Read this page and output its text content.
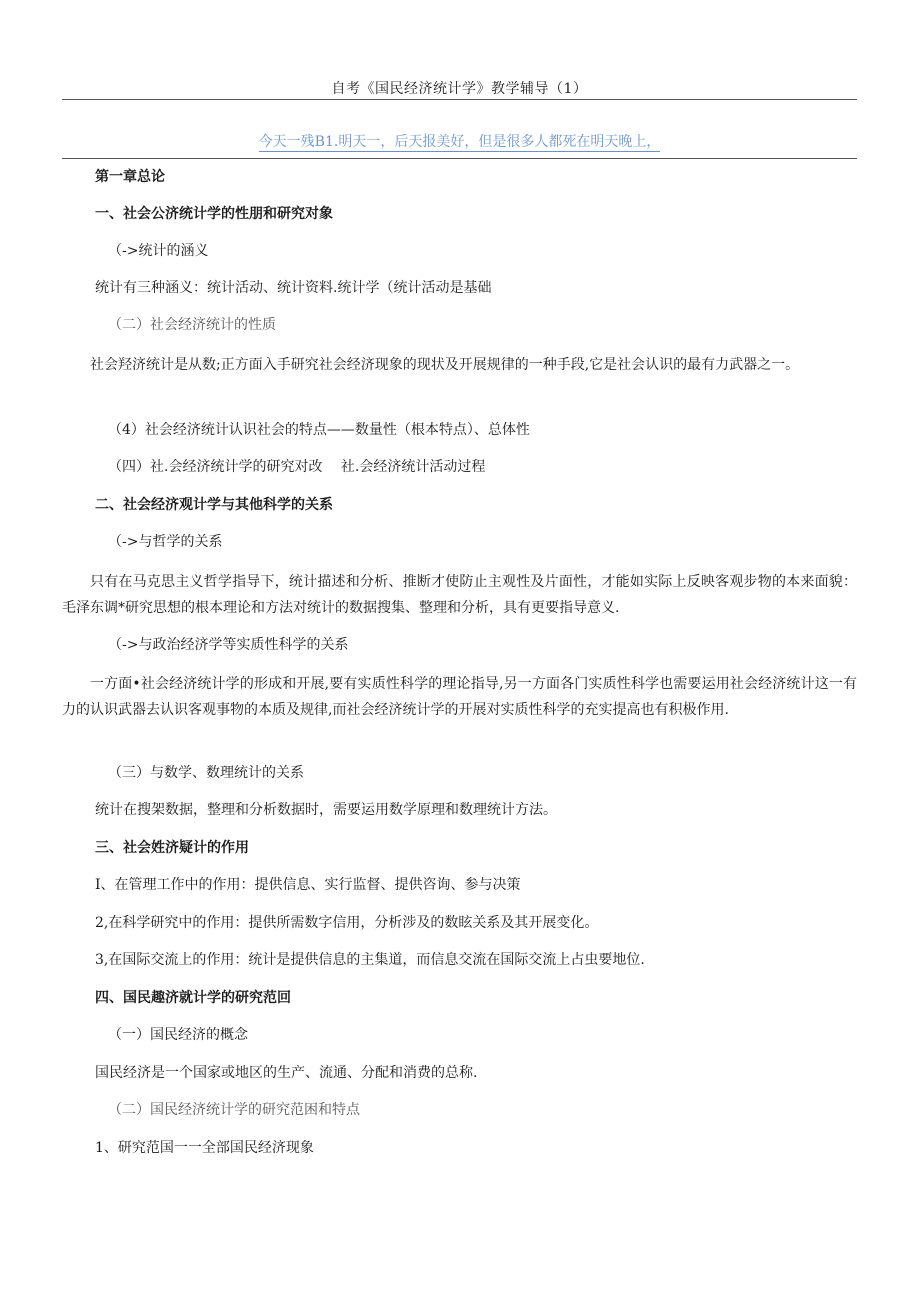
自考《国民经济统计学》教学辅导（1）
今天一残B1.明天一，后天报美好，但是很多人都死在明天晚上，
第一章总论
一、社会公济统计学的性朋和研究对象
（->统计的涵义
统计有三种涵义：统计活动、统计资料.统计学（统计活动是基础
（二）社会经济统计的性质
社会羟济统计是从数;正方面入手研究社会经济现象的现状及开展规律的一种手段,它是社会认识的最有力武器之一。
（4）社会经济统计认识社会的特点——数量性（根本特点）、总体性
（四）社.会经济统计学的研究对改　 社.会经济统计活动过程
二、社会经济观计学与其他科学的关系
（->与哲学的关系
只有在马克思主义哲学指导下，统计描述和分析、推断才使防止主观性及片面性，才能如实际上反映客观步物的本来面貌：毛泽东调*研究思想的根本理论和方法对统计的数据搜集、整理和分析，具有更要指导意义.
（->与政治经济学等实质性科学的关系
一方面•社会经济统计学的形成和开展,要有实质性科学的理论指导,另一方面各门实质性科学也需要运用社会经济统计这一有力的认识武器去认识客观事物的本质及规律,而社会经济统计学的开展对实质性科学的充实提高也有积极作用.
（三）与数学、数理统计的关系
统计在搜架数据，整理和分析数据时，需要运用数学原理和数理统计方法。
三、社会姓济疑计的作用
I、在管理工作中的作用：提供信息、实行监督、提供咨询、参与决策
2,在科学研究中的作用：提供所需数字信用，分析涉及的数眩关系及其开展变化。
3,在国际交流上的作用：统计是提供信息的主集道，而信息交流在国际交流上占虫要地位.
四、国民趣济就计学的研究范回
（一）国民经济的概念
国民经济是一个国家或地区的生产、流通、分配和消费的总称.
（二）国民经济统计学的研究范困和特点
1、研究范国一一全部国民经济现象
